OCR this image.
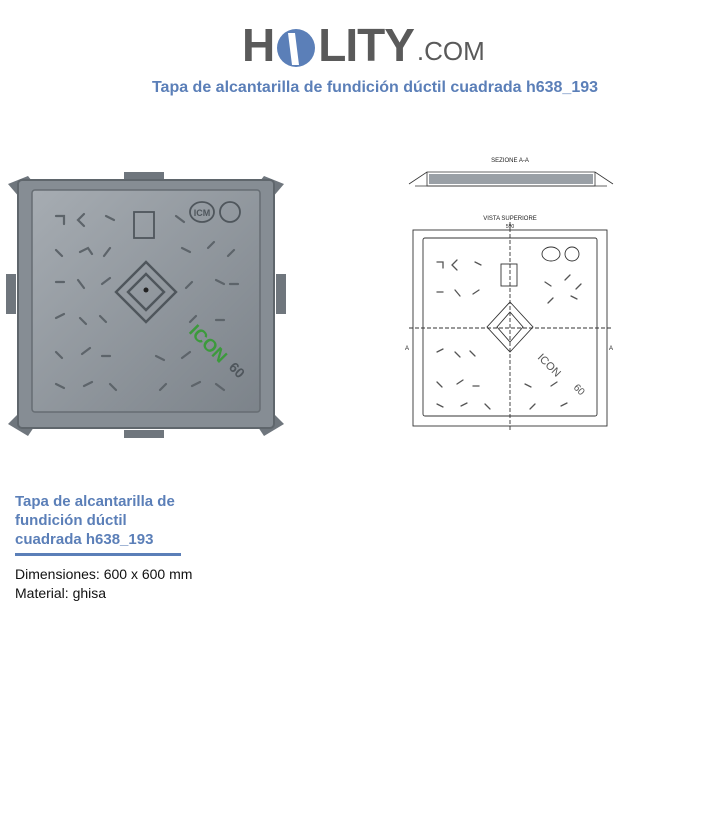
H LITY .COM
Tapa de alcantarilla de fundición dúctil cuadrada h638_193
ICM
ICON
60
SEZIONE A-A
VISTA SUPERIORE
ICON
60
590
A	A
Tapa de alcantarilla de fundición dúctil cuadrada h638_193
Dimensiones: 600 x 600 mm
Material: ghisa
